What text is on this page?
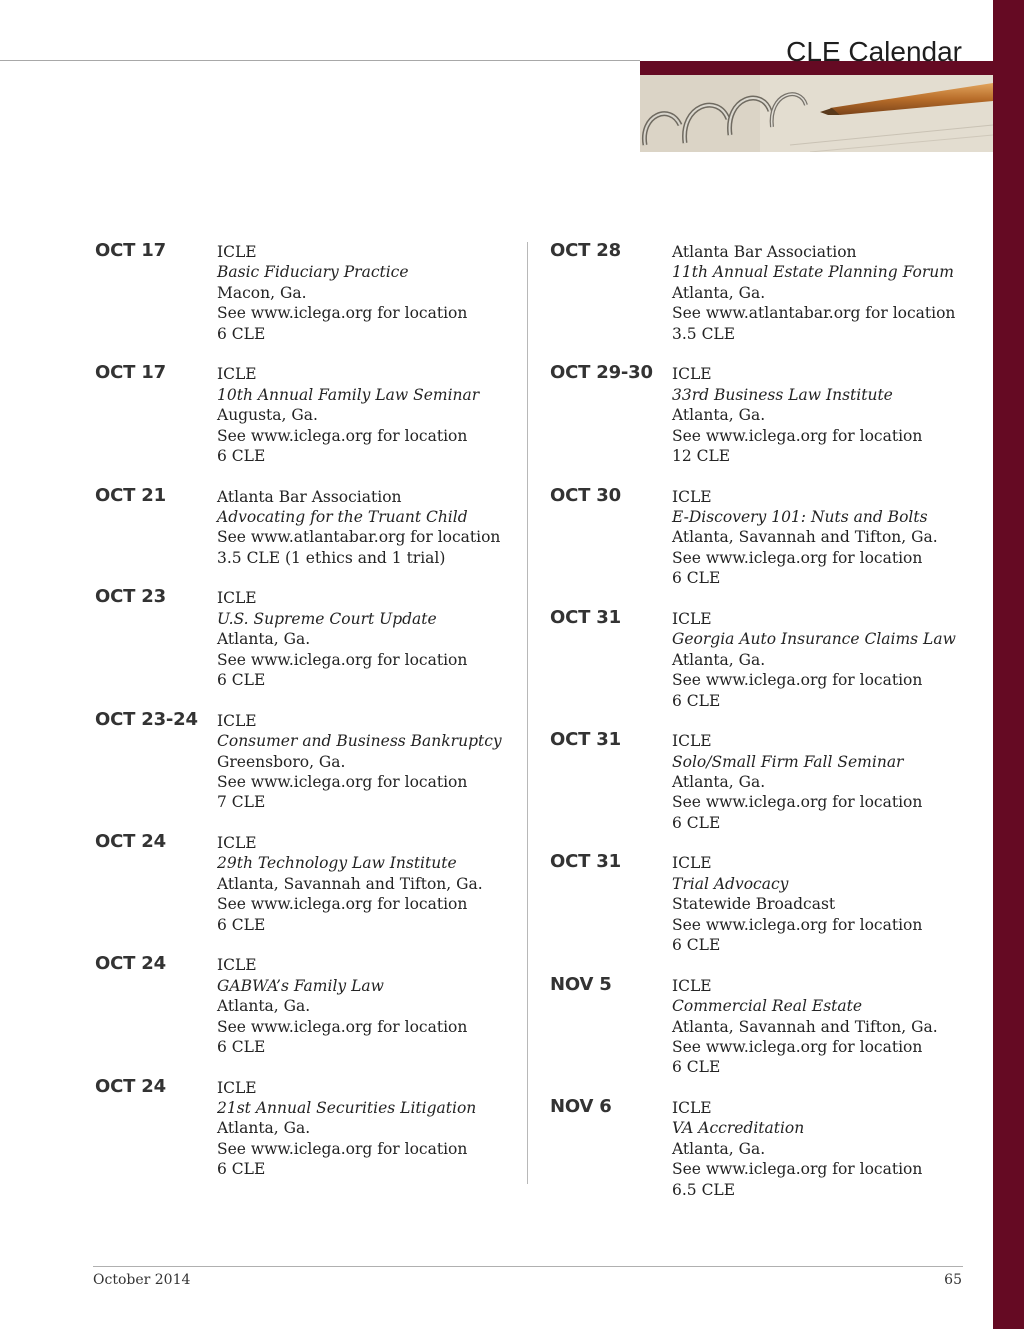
CLE Calendar
OCT 17	ICLE
Basic Fiduciary Practice
Macon, Ga.
See www.iclega.org for location
6 CLE
OCT 17	ICLE
10th Annual Family Law Seminar
Augusta, Ga.
See www.iclega.org for location
6 CLE
OCT 21	Atlanta Bar Association
Advocating for the Truant Child
See www.atlantabar.org for location
3.5 CLE (1 ethics and 1 trial)
OCT 23	ICLE
U.S. Supreme Court Update
Atlanta, Ga.
See www.iclega.org for location
6 CLE
OCT 23-24 ICLE
Consumer and Business Bankruptcy
Greensboro, Ga.
See www.iclega.org for location
7 CLE
OCT 24	ICLE
29th Technology Law Institute
Atlanta, Savannah and Tifton, Ga.
See www.iclega.org for location
6 CLE
OCT 24	ICLE
GABWA’s Family Law
Atlanta, Ga.
See www.iclega.org for location
6 CLE
OCT 24	ICLE
21st Annual Securities Litigation
Atlanta, Ga.
See www.iclega.org for location
6 CLE
OCT 28	Atlanta Bar Association
11th Annual Estate Planning Forum
Atlanta, Ga.
See www.atlantabar.org for location
3.5 CLE
OCT 29-30 ICLE
33rd Business Law Institute
Atlanta, Ga.
See www.iclega.org for location
12 CLE
OCT 30	ICLE
E-Discovery 101: Nuts and Bolts
Atlanta, Savannah and Tifton, Ga.
See www.iclega.org for location
6 CLE
OCT 31	ICLE
Georgia Auto Insurance Claims Law
Atlanta, Ga.
See www.iclega.org for location
6 CLE
OCT 31	ICLE
Solo/Small Firm Fall Seminar
Atlanta, Ga.
See www.iclega.org for location
6 CLE
OCT 31	ICLE
Trial Advocacy
Statewide Broadcast
See www.iclega.org for location
6 CLE
NOV 5	ICLE
Commercial Real Estate
Atlanta, Savannah and Tifton, Ga.
See www.iclega.org for location
6 CLE
NOV 6	ICLE
VA Accreditation
Atlanta, Ga.
See www.iclega.org for location
6.5 CLE
October 2014	65
